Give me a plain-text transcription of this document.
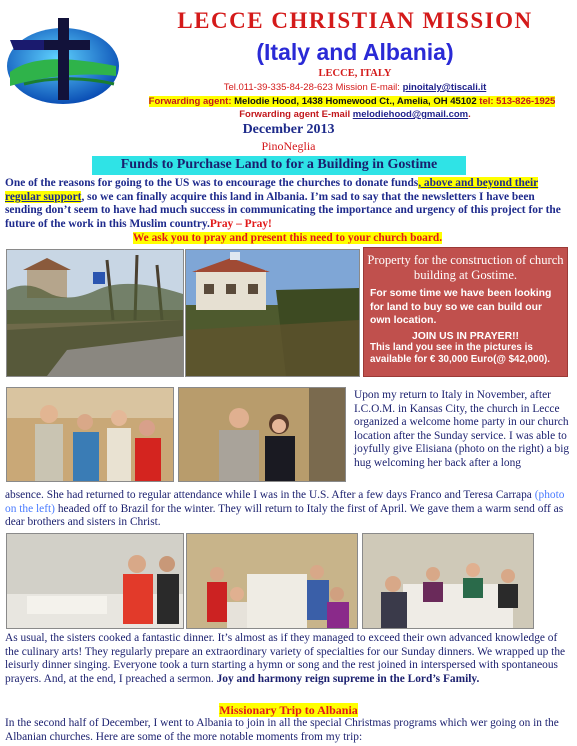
LECCE CHRISTIAN MISSION
(Italy and Albania)
LECCE, ITALY
Tel.011-39-335-84-28-623 Mission E-mail: pinoitaly@tiscali.it
Forwarding agent: Melodie Hood, 1438 Homewood Ct., Amelia, OH 45102 tel: 513-826-1925
Forwarding agent E-mail melodiehood@gmail.com.
December 2013
PinoNeglia
Funds to Purchase Land to for a Building in Gostime

One of the reasons for going to the US was to encourage the churches to donate funds, above and beyond their regular support, so we can finally acquire this land in Albania. I’m sad to say that the newsletters I have been sending don’t seem to have had much success in communicating the importance and urgency of this project for the future of the work in this Muslim country.Pray – Pray!

We ask you to pray and present this need to your church board.
Property for the construction of church building at Gostime.
For some time we have been looking for land to buy so we can build our own location.
JOIN US IN PRAYER!!
This land you see in the pictures is available for € 30,000 Euro(@ $42,000).

Upon my return to Italy in November, after I.C.O.M. in Kansas City, the church in Lecce organized a welcome home party in our church location after the Sunday service. I was able to joyfully give Elisiana (photo on the right) a big hug welcoming her back after a long

absence. She had returned to regular attendance while I was in the U.S. After a few days Franco and Teresa Carrapa (photo on the left) headed off to Brazil for the winter. They will return to Italy the first of April. We gave them a warm send off as dear brothers and sisters in Christ.

As usual, the sisters cooked a fantastic dinner. It’s almost as if they managed to exceed their own advanced knowledge of the culinary arts! They regularly prepare an extraordinary variety of specialties for our Sunday dinners. We wrapped up the leisurly dinner singing. Everyone took a turn starting a hymn or song and the rest joined in interspersed with spontaneous prayers. And, at the end, I preached a sermon. Joy and harmony reign supreme in the Lord’s Family.

Missionary Trip to Albania

In the second half of December, I went to Albania to join in all the special Christmas programs which wer going on in the Albanian churches. Here are some of the more notable moments from my trip:
